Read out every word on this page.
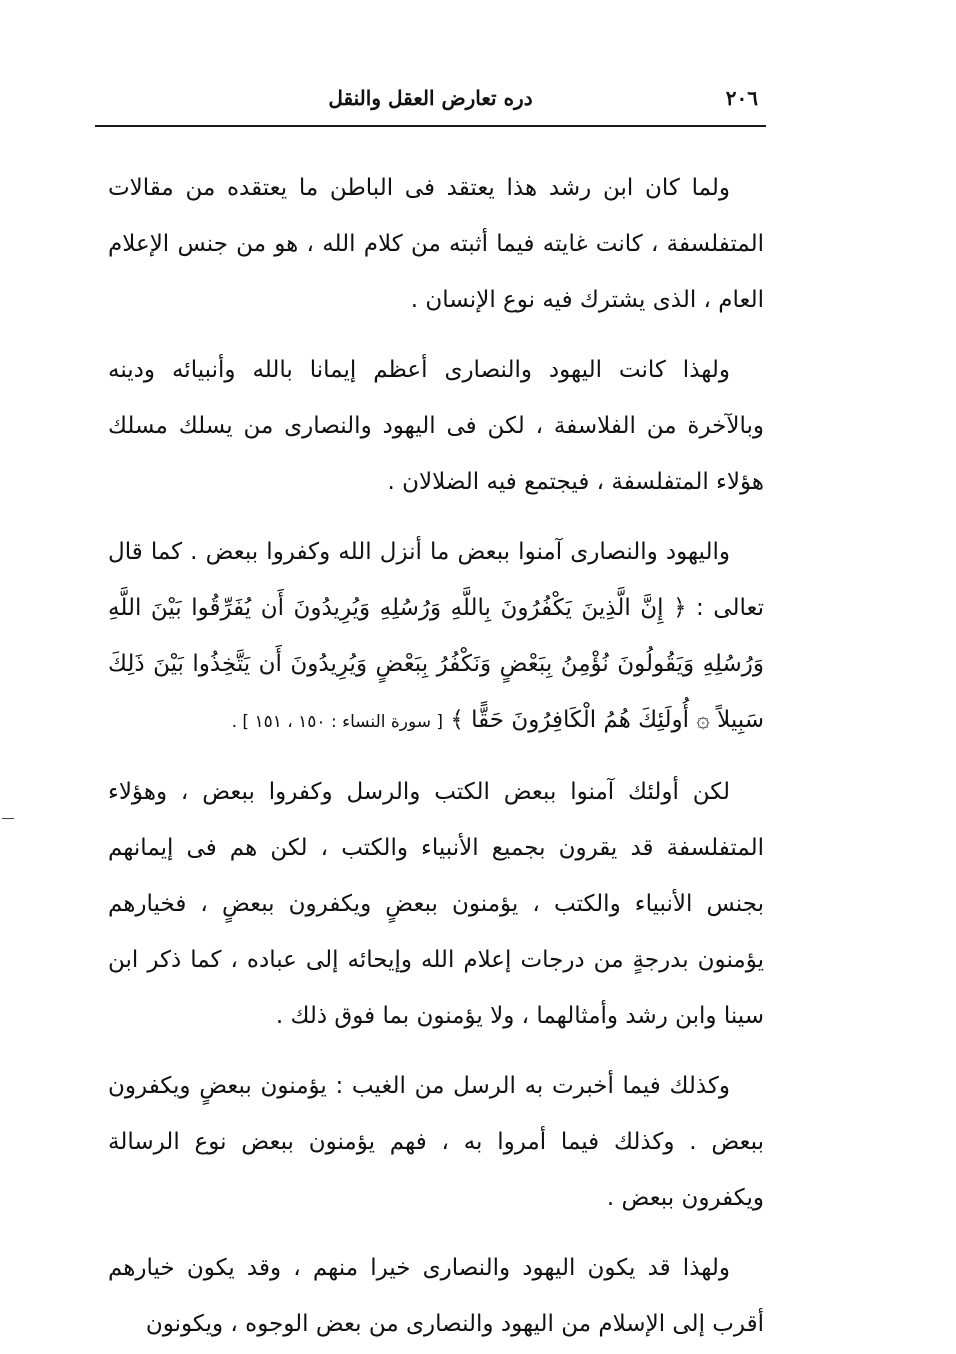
٢٠٦
دره تعارض العقل والنقل

ولما كان ابن رشد هذا يعتقد فى الباطن ما يعتقده من مقالات المتفلسفة ، كانت غايته فيما أثبته من كلام الله ، هو من جنس الإعلام العام ، الذى يشترك فيه نوع الإنسان .

ولهذا كانت اليهود والنصارى أعظم إيمانا بالله وأنبيائه ودينه وبالآخرة من الفلاسفة ، لكن فى اليهود والنصارى من يسلك مسلك هؤلاء المتفلسفة ، فيجتمع فيه الضلالان .

واليهود والنصارى آمنوا ببعض ما أنزل الله وكفروا ببعض . كما قال تعالى : ﴿ إِنَّ الَّذِينَ يَكْفُرُونَ بِاللَّهِ وَرُسُلِهِ وَيُرِيدُونَ أَن يُفَرِّقُوا بَيْنَ اللَّهِ وَرُسُلِهِ وَيَقُولُونَ نُؤْمِنُ بِبَعْضٍ وَنَكْفُرُ بِبَعْضٍ وَيُرِيدُونَ أَن يَتَّخِذُوا بَيْنَ ذَلِكَ سَبِيلاً ۞ أُولَئِكَ هُمُ الْكَافِرُونَ حَقًّا ﴾ [ سورة النساء : ١٥٠ ، ١٥١ ] .

لكن أولئك آمنوا ببعض الكتب والرسل وكفروا ببعض ، وهؤلاء المتفلسفة قد يقرون بجميع الأنبياء والكتب ، لكن هم فى إيمانهم بجنس الأنبياء والكتب ، يؤمنون ببعضٍ ويكفرون ببعضٍ ، فخيارهم يؤمنون بدرجةٍ من درجات إعلام الله وإيحائه إلى عباده ، كما ذكر ابن سينا وابن رشد وأمثالهما ، ولا يؤمنون بما فوق ذلك .

وكذلك فيما أخبرت به الرسل من الغيب : يؤمنون ببعضٍ ويكفرون ببعض . وكذلك فيما أمروا به ، فهم يؤمنون ببعض نوع الرسالة ويكفرون ببعض .

ولهذا قد يكون اليهود والنصارى خيرا منهم ، وقد يكون خيارهم أقرب إلى الإسلام من اليهود والنصارى من بعض الوجوه ، ويكونون
